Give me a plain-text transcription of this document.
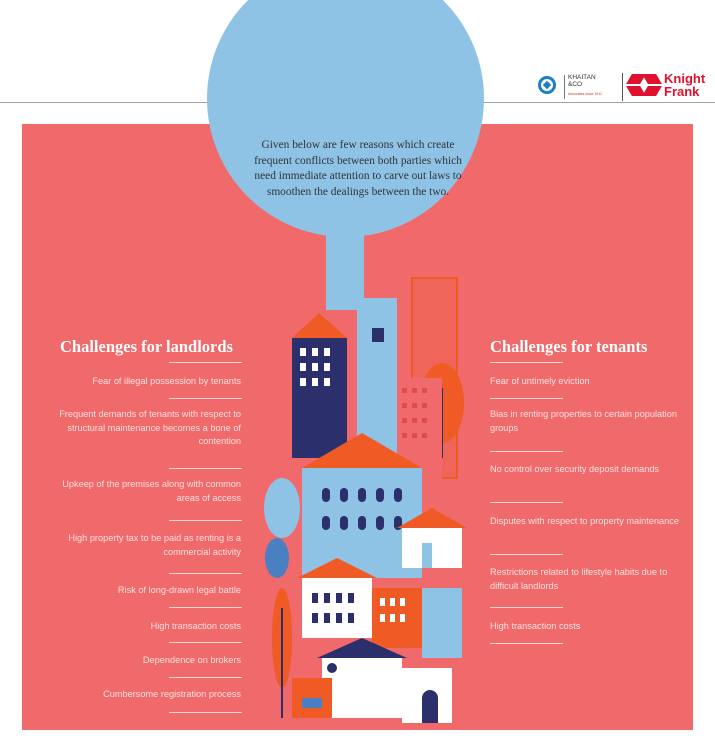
KHAITAN
&CO
Advocates since 1911
Knight
Frank
Given below are few reasons which create frequent conflicts between both parties which need immediate attention to carve out laws to smoothen the dealings between the two.
Challenges for landlords	Challenges for tenants
Fear of illegal possession by tenants
Frequent demands of tenants with respect to structural maintenance becomes a bone of contention
Upkeep of the premises along with common areas of access
High property tax to be paid as renting is a commercial activity
Risk of long-drawn legal battle
High transaction costs
Dependence on brokers
Cumbersome registration process
Fear of untimely eviction
Bias in renting properties to certain population groups
No control over security deposit demands
Disputes with respect to property maintenance
Restrictions related to lifestyle habits due to difficult landlords
High transaction costs
